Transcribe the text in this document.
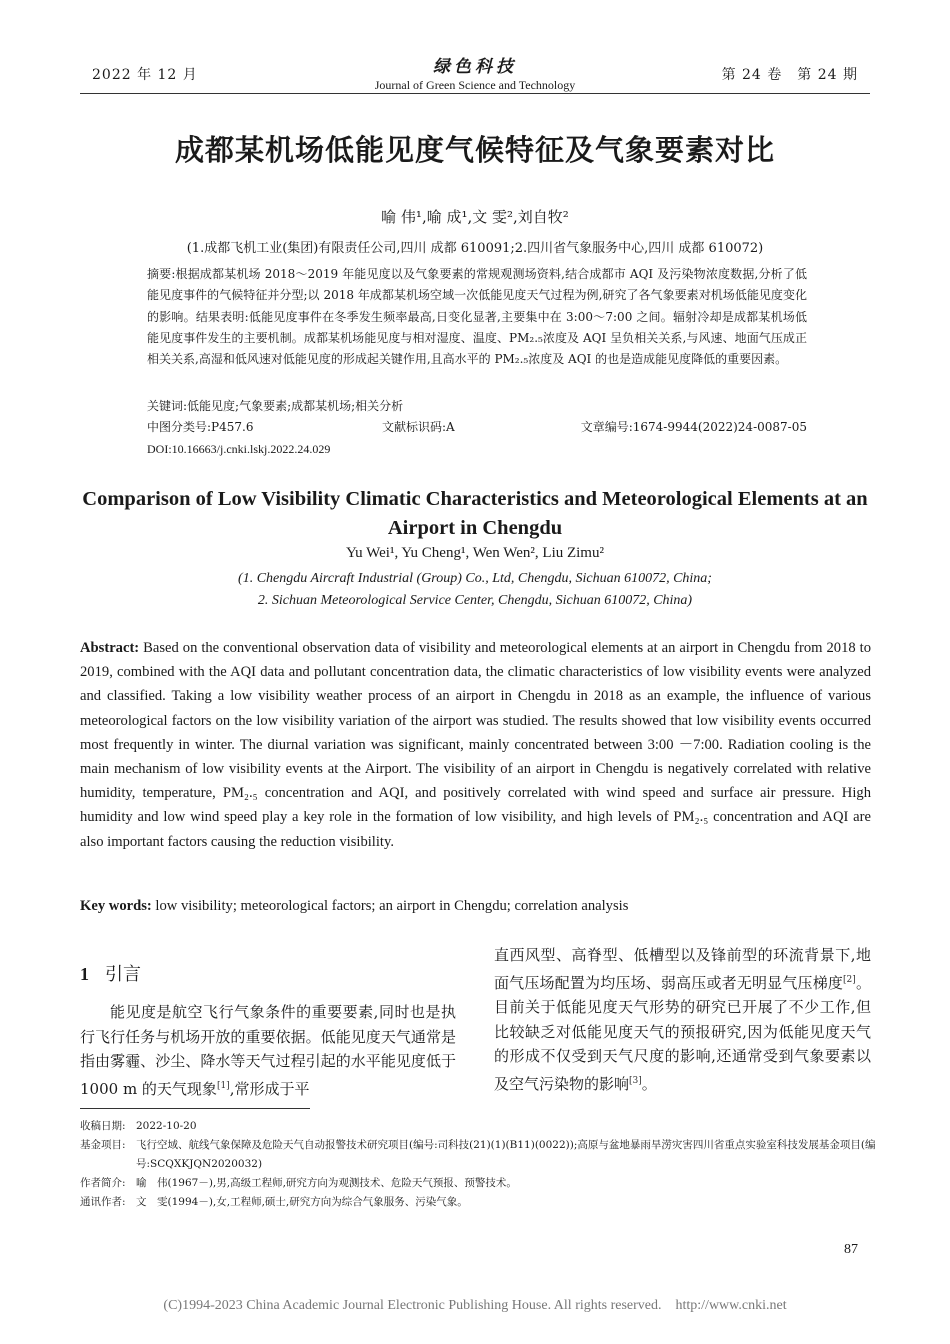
2022 年 12 月	绿色科技
Journal of Green Science and Technology
第 24 卷　第 24 期
成都某机场低能见度气候特征及气象要素对比
喻 伟¹,喻 成¹,文 雯²,刘自牧²
(1.成都飞机工业(集团)有限责任公司,四川 成都 610091;2.四川省气象服务中心,四川 成都 610072)
摘要:根据成都某机场 2018～2019 年能见度以及气象要素的常规观测场资料,结合成都市 AQI 及污染物浓度数据,分析了低能见度事件的气候特征并分型;以 2018 年成都某机场空域一次低能见度天气过程为例,研究了各气象要素对机场低能见度变化的影响。结果表明:低能见度事件在冬季发生频率最高,日变化显著,主要集中在 3:00～7:00 之间。辐射冷却是成都某机场低能见度事件发生的主要机制。成都某机场能见度与相对湿度、温度、PM₂.₅浓度及 AQI 呈负相关关系,与风速、地面气压成正相关关系,高湿和低风速对低能见度的形成起关键作用,且高水平的 PM₂.₅浓度及 AQI 的也是造成能见度降低的重要因素。
关键词:低能见度;气象要素;成都某机场;相关分析
中图分类号:P457.6	文献标识码:A	文章编号:1674-9944(2022)24-0087-05
DOI:10.16663/j.cnki.lskj.2022.24.029
Comparison of Low Visibility Climatic Characteristics and Meteorological Elements at an Airport in Chengdu
Yu Wei¹, Yu Cheng¹, Wen Wen², Liu Zimu²
(1. Chengdu Aircraft Industrial (Group) Co., Ltd, Chengdu, Sichuan 610072, China;
2. Sichuan Meteorological Service Center, Chengdu, Sichuan 610072, China)
Abstract: Based on the conventional observation data of visibility and meteorological elements at an airport in Chengdu from 2018 to 2019, combined with the AQI data and pollutant concentration data, the climatic characteristics of low visibility events were analyzed and classified. Taking a low visibility weather process of an airport in Chengdu in 2018 as an example, the influence of various meteorological factors on the low visibility variation of the airport was studied. The results showed that low visibility events occurred most frequently in winter. The diurnal variation was significant, mainly concentrated between 3:00 －7:00. Radiation cooling is the main mechanism of low visibility events at the Airport. The visibility of an airport in Chengdu is negatively correlated with relative humidity, temperature, PM₂.₅ concentration and AQI, and positively correlated with wind speed and surface air pressure. High humidity and low wind speed play a key role in the formation of low visibility, and high levels of PM₂.₅ concentration and AQI are also important factors causing the reduction visibility.
Key words: low visibility; meteorological factors; an airport in Chengdu; correlation analysis
1 引言
能见度是航空飞行气象条件的重要要素,同时也是执行飞行任务与机场开放的重要依据。低能见度天气通常是指由雾霾、沙尘、降水等天气过程引起的水平能见度低于 1000 m 的天气现象[1],常形成于平
直西风型、高脊型、低槽型以及锋前型的环流背景下,地面气压场配置为均压场、弱高压或者无明显气压梯度[2]。目前关于低能见度天气形势的研究已开展了不少工作,但比较缺乏对低能见度天气的预报研究,因为低能见度天气的形成不仅受到天气尺度的影响,还通常受到气象要素以及空气污染物的影响[3]。
收稿日期: 2022-10-20
基金项目: 飞行空域、航线气象保障及危险天气自动报警技术研究项目(编号:司科技(21)(1)(B11)(0022));高原与盆地暴雨旱涝灾害四川省重点实验室科技发展基金项目(编号:SCQXKJQN2020032)
作者简介: 喻　伟(1967－),男,高级工程师,研究方向为观测技术、危险天气预报、预警技术。
通讯作者: 文　雯(1994－),女,工程师,硕士,研究方向为综合气象服务、污染气象。
87
(C)1994-2023 China Academic Journal Electronic Publishing House. All rights reserved. http://www.cnki.net
